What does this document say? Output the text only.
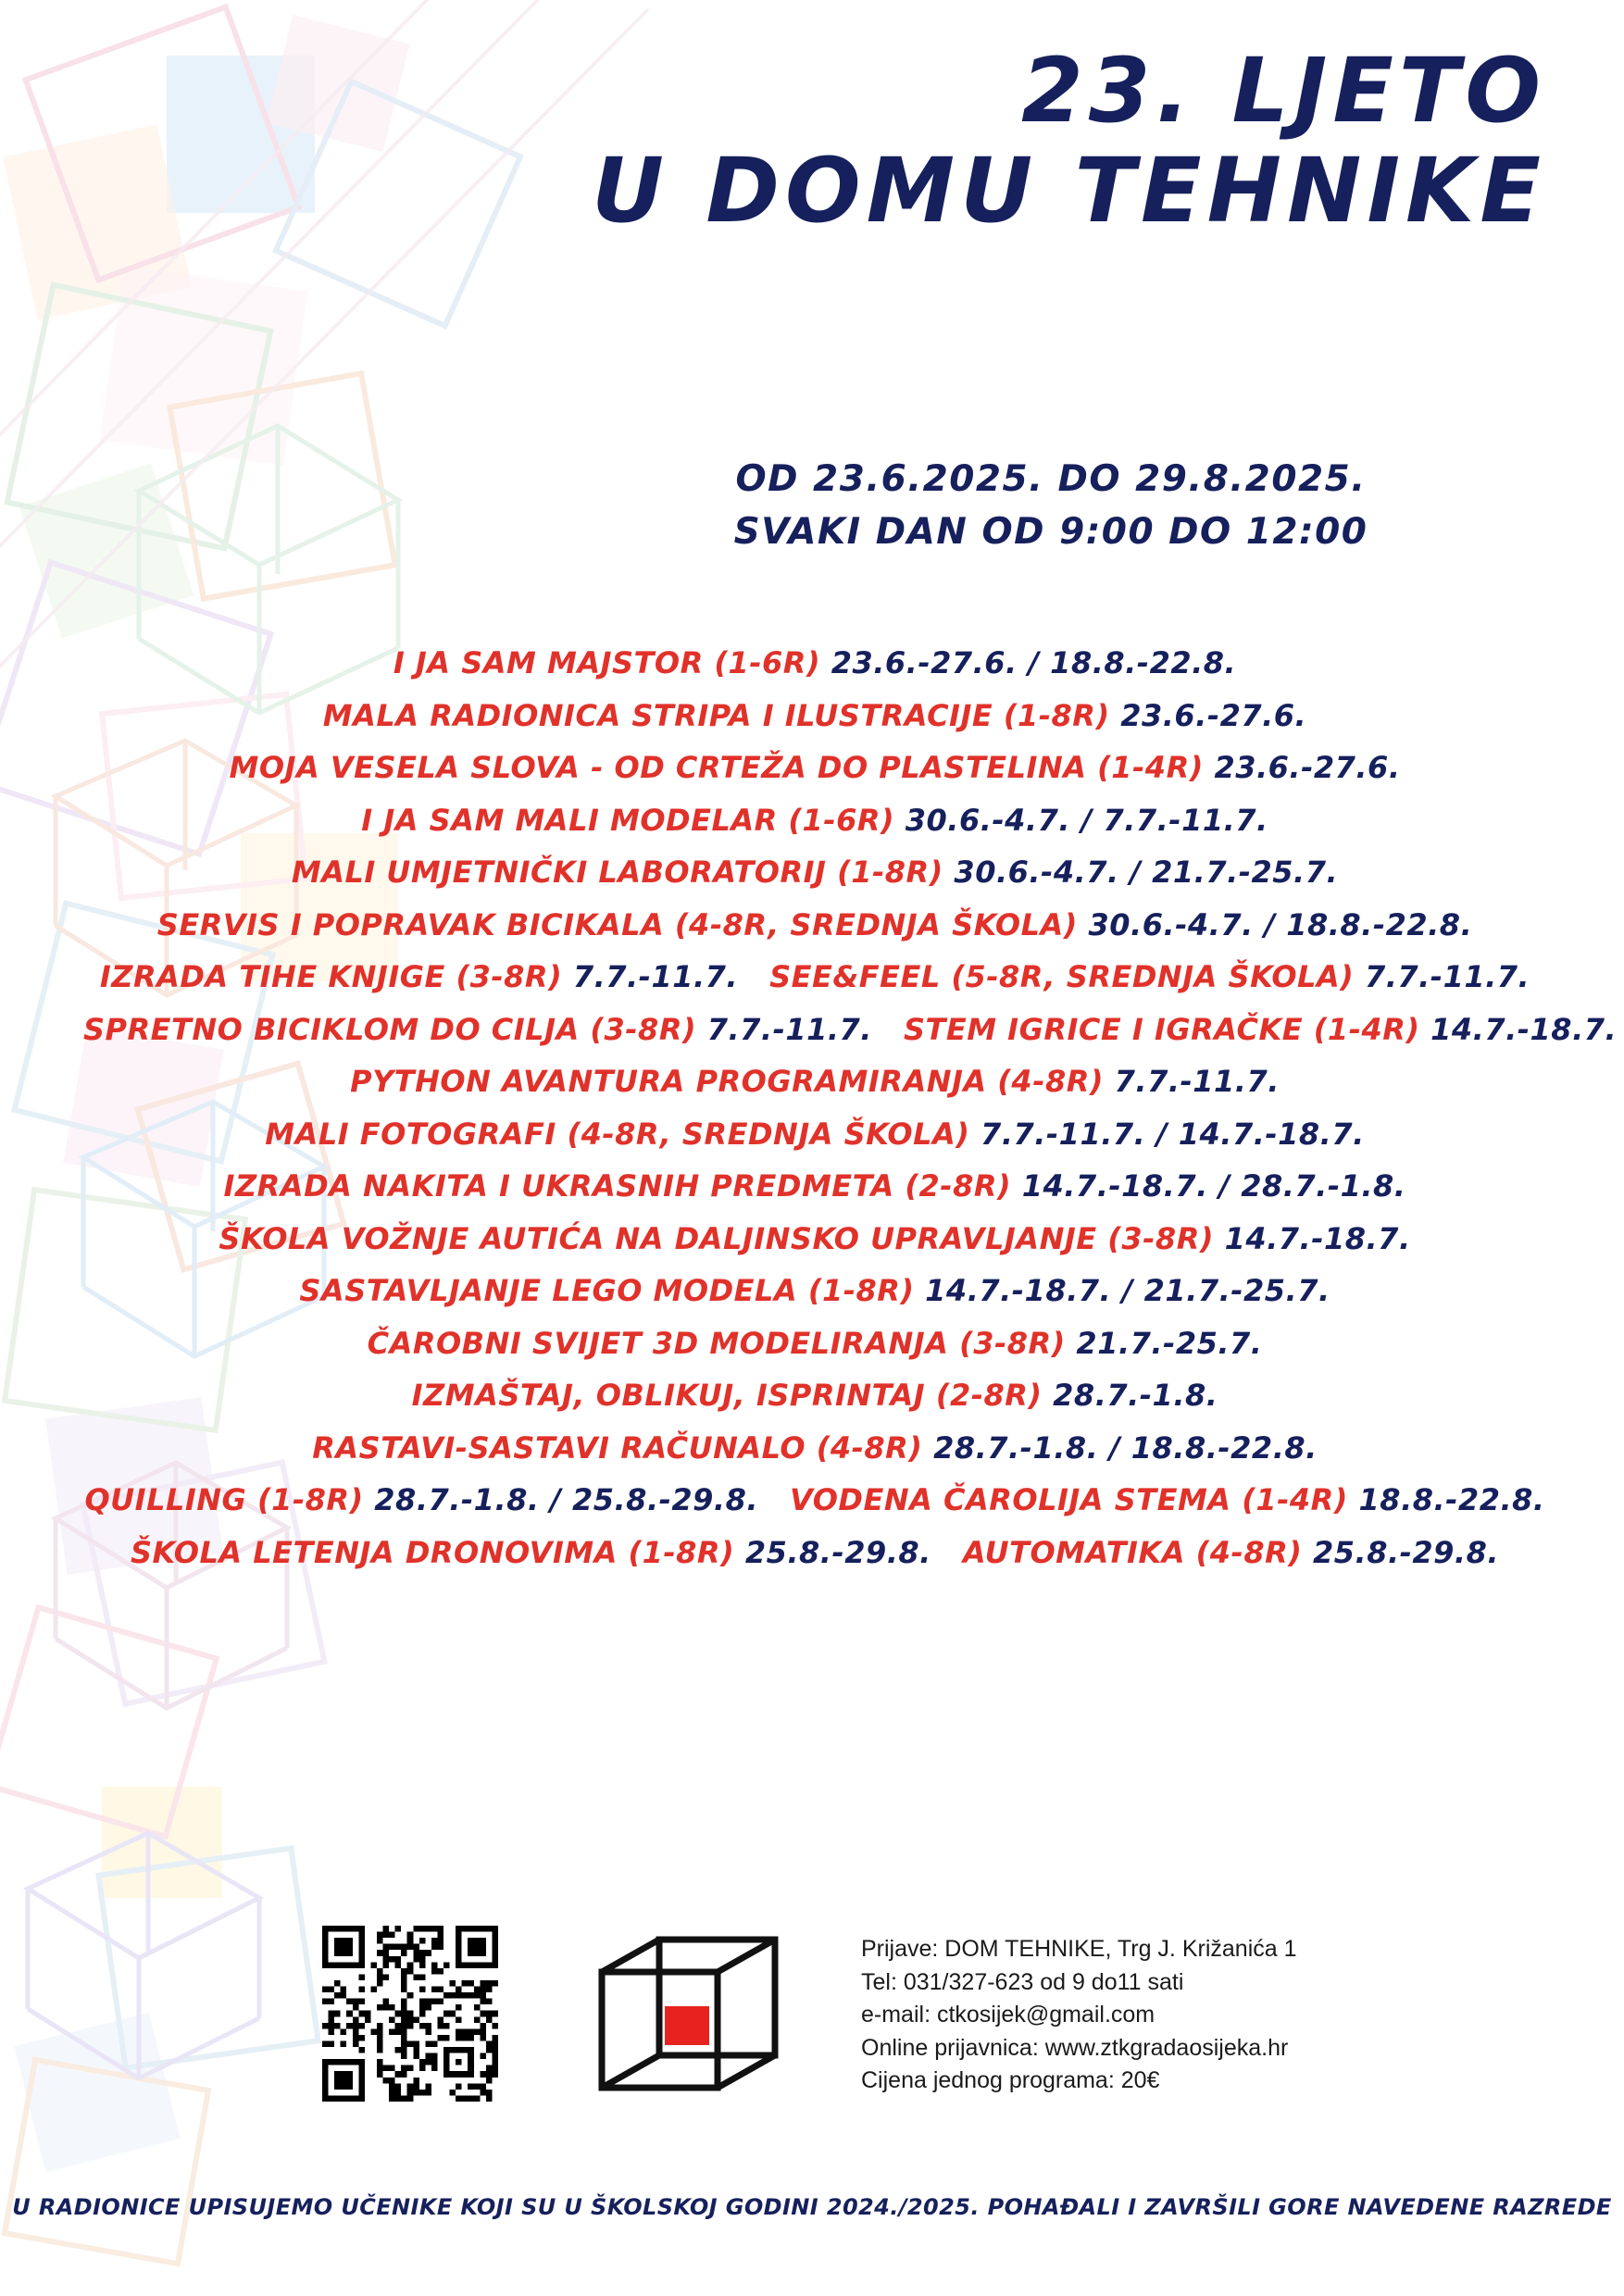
23. LJETO
U DOMU TEHNIKE
OD 23.6.2025. DO 29.8.2025.
SVAKI DAN OD 9:00 DO 12:00
I JA SAM MAJSTOR (1-6R) 23.6.-27.6. / 18.8.-22.8.
MALA RADIONICA STRIPA I ILUSTRACIJE (1-8R) 23.6.-27.6.
MOJA VESELA SLOVA - OD CRTEŽA DO PLASTELINA (1-4R) 23.6.-27.6.
I JA SAM MALI MODELAR (1-6R) 30.6.-4.7. / 7.7.-11.7.
MALI UMJETNIČKI LABORATORIJ (1-8R) 30.6.-4.7. / 21.7.-25.7.
SERVIS I POPRAVAK BICIKALA (4-8R, SREDNJA ŠKOLA) 30.6.-4.7. / 18.8.-22.8.
IZRADA TIHE KNJIGE (3-8R) 7.7.-11.7. SEE&FEEL (5-8R, SREDNJA ŠKOLA) 7.7.-11.7.
SPRETNO BICIKLOM DO CILJA (3-8R) 7.7.-11.7. STEM IGRICE I IGRAČKE (1-4R) 14.7.-18.7.
PYTHON AVANTURA PROGRAMIRANJA (4-8R) 7.7.-11.7.
MALI FOTOGRAFI (4-8R, SREDNJA ŠKOLA) 7.7.-11.7. / 14.7.-18.7.
IZRADA NAKITA I UKRASNIH PREDMETA (2-8R) 14.7.-18.7. / 28.7.-1.8.
ŠKOLA VOŽNJE AUTIĆA NA DALJINSKO UPRAVLJANJE (3-8R) 14.7.-18.7.
SASTAVLJANJE LEGO MODELA (1-8R) 14.7.-18.7. / 21.7.-25.7.
ČAROBNI SVIJET 3D MODELIRANJA (3-8R) 21.7.-25.7.
IZMAŠTAJ, OBLIKUJ, ISPRINTAJ (2-8R) 28.7.-1.8.
RASTAVI-SASTAVI RAČUNALO (4-8R) 28.7.-1.8. / 18.8.-22.8.
QUILLING (1-8R) 28.7.-1.8. / 25.8.-29.8. VODENA ČAROLIJA STEMA (1-4R) 18.8.-22.8.
ŠKOLA LETENJA DRONOVIMA (1-8R) 25.8.-29.8. AUTOMATIKA (4-8R) 25.8.-29.8.
Prijave: DOM TEHNIKE, Trg J. Križanića 1
Tel: 031/327-623 od 9 do11 sati
e-mail: ctkosijek@gmail.com
Online prijavnica: www.ztkgradaosijeka.hr
Cijena jednog programa: 20€
U RADIONICE UPISUJEMO UČENIKE KOJI SU U ŠKOLSKOJ GODINI 2024./2025. POHAĐALI I ZAVRŠILI GORE NAVEDENE RAZREDE
